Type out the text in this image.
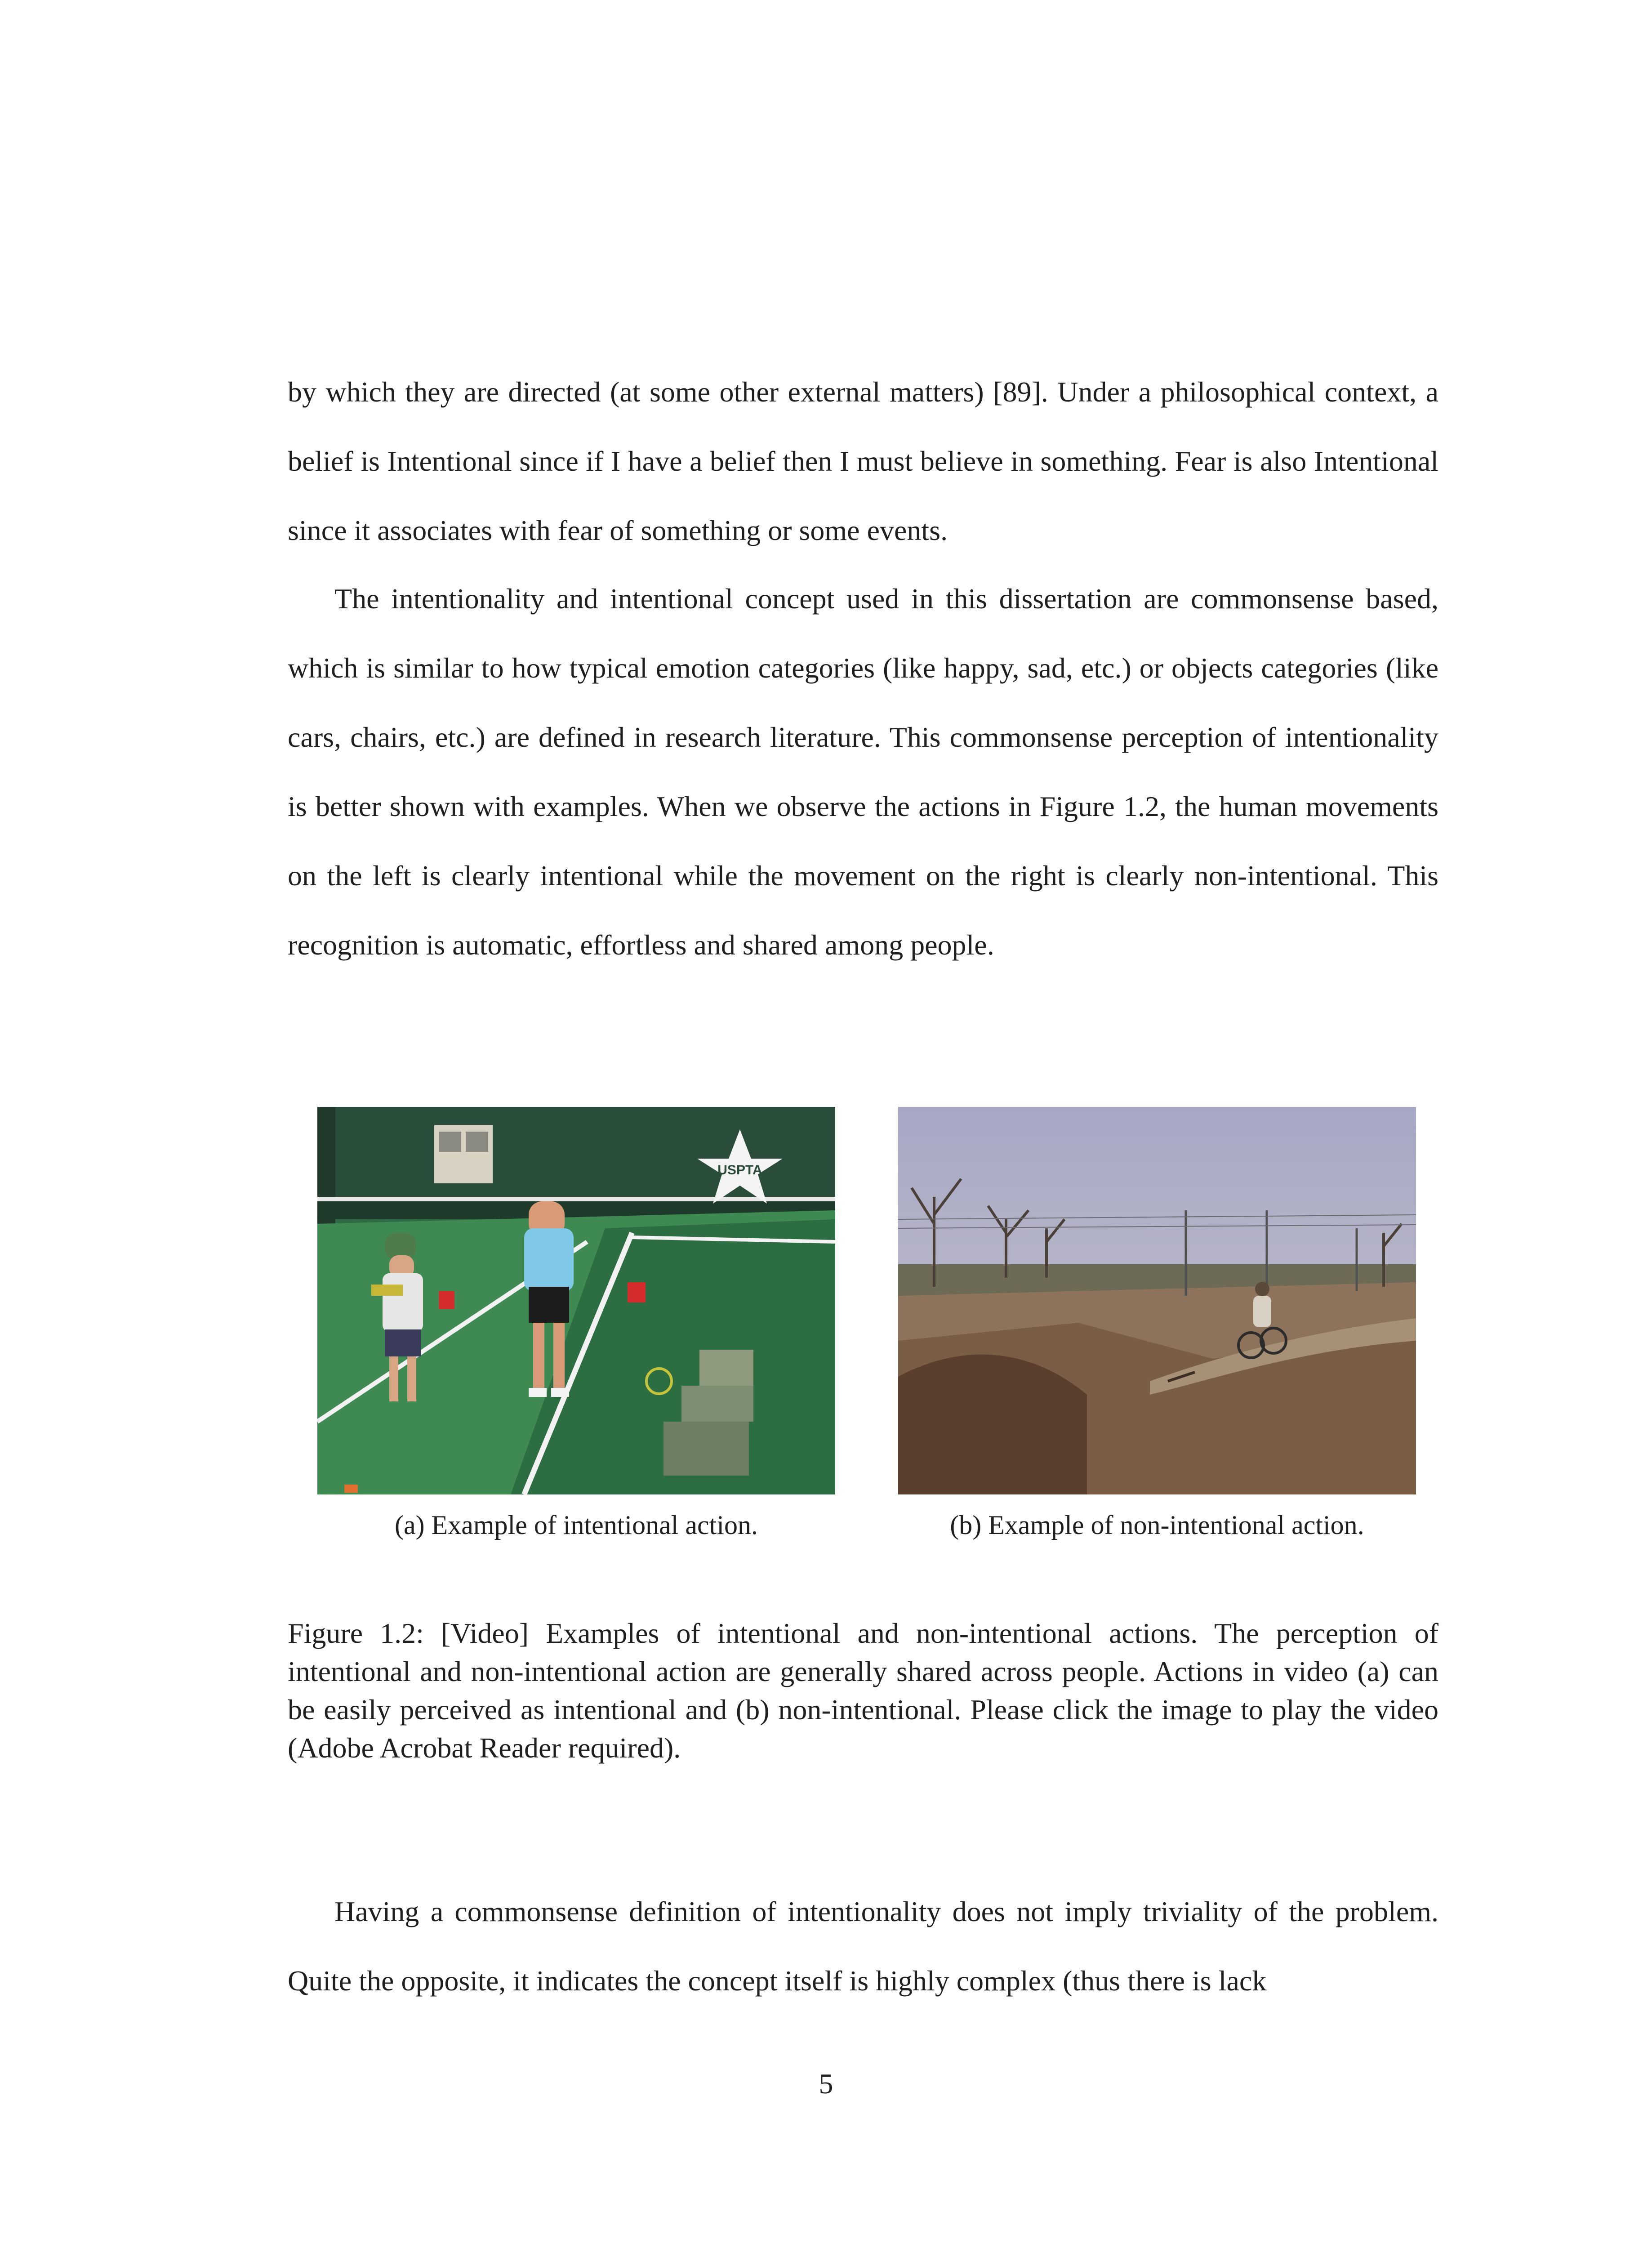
by which they are directed (at some other external matters) [89]. Under a philosophical context, a belief is Intentional since if I have a belief then I must believe in something. Fear is also Intentional since it associates with fear of something or some events.

The intentionality and intentional concept used in this dissertation are commonsense based, which is similar to how typical emotion categories (like happy, sad, etc.) or objects categories (like cars, chairs, etc.) are defined in research literature. This commonsense perception of intentionality is better shown with examples. When we observe the actions in Figure 1.2, the human movements on the left is clearly intentional while the movement on the right is clearly non-intentional. This recognition is automatic, effortless and shared among people.

USPTA

(a) Example of intentional action.	(b) Example of non-intentional action.

Figure 1.2: [Video] Examples of intentional and non-intentional actions. The perception of intentional and non-intentional action are generally shared across people. Actions in video (a) can be easily perceived as intentional and (b) non-intentional. Please click the image to play the video (Adobe Acrobat Reader required).

Having a commonsense definition of intentionality does not imply triviality of the problem. Quite the opposite, it indicates the concept itself is highly complex (thus there is lack

5
